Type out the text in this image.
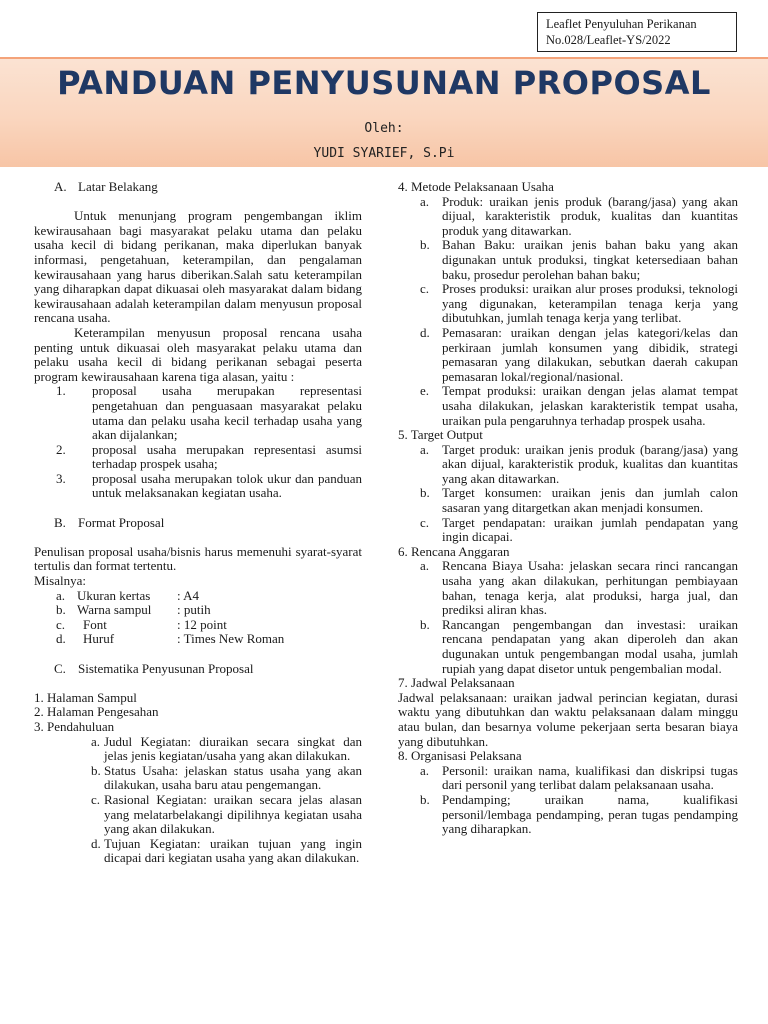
Leaflet Penyuluhan Perikanan
No.028/Leaflet-YS/2022
PANDUAN PENYUSUNAN PROPOSAL
Oleh:
YUDI SYARIEF, S.Pi
A. Latar Belakang

Untuk menunjang program pengembangan iklim kewirausahaan bagi masyarakat pelaku utama dan pelaku usaha kecil di bidang perikanan, maka diperlukan banyak informasi, pengetahuan, keterampilan, dan pengalaman kewirausahaan yang harus diberikan.Salah satu keterampilan yang diharapkan dapat dikuasai oleh masyarakat dalam bidang kewirausahaan adalah keterampilan dalam menyusun proposal rencana usaha.

Keterampilan menyusun proposal rencana usaha penting untuk dikuasai oleh masyarakat pelaku utama dan pelaku usaha kecil di bidang perikanan sebagai peserta program kewirausahaan karena tiga alasan, yaitu :

1.	proposal usaha merupakan representasi pengetahuan dan penguasaan masyarakat pelaku utama dan pelaku usaha kecil terhadap usaha yang akan dijalankan;
2.	proposal usaha merupakan representasi asumsi terhadap prospek usaha;
3.	proposal usaha merupakan tolok ukur dan panduan untuk melaksanakan kegiatan usaha.
B. Format Proposal

Penulisan proposal usaha/bisnis harus memenuhi syarat-syarat tertulis dan format tertentu.

Misalnya:
a. Ukuran kertas	: A4
b. Warna sampul	: putih
c.	Font	: 12 point
d.	Huruf	: Times New Roman
C. Sistematika Penyusunan Proposal
1. Halaman Sampul
2. Halaman Pengesahan
3. Pendahuluan
a. Judul Kegiatan: diuraikan secara singkat dan jelas jenis kegiatan/usaha yang akan dilakukan.
b. Status Usaha: jelaskan status usaha yang akan dilakukan, usaha baru atau pengemangan.
c. Rasional Kegiatan: uraikan secara jelas alasan yang melatarbelakangi dipilihnya kegiatan usaha yang akan dilakukan.
d. Tujuan Kegiatan: uraikan tujuan yang ingin dicapai dari kegiatan usaha yang akan dilakukan.
4. Metode Pelaksanaan Usaha
a. Produk: uraikan jenis produk (barang/jasa) yang akan dijual, karakteristik produk, kualitas dan kuantitas produk yang ditawarkan.
b. Bahan Baku: uraikan jenis bahan baku yang akan digunakan untuk produksi, tingkat ketersediaan bahan baku, prosedur perolehan bahan baku;
c. Proses produksi: uraikan alur proses produksi, teknologi yang digunakan, keterampilan tenaga kerja yang dibutuhkan, jumlah tenaga kerja yang terlibat.
d. Pemasaran: uraikan dengan jelas kategori/kelas dan perkiraan jumlah konsumen yang dibidik, strategi pemasaran yang dilakukan, sebutkan daerah cakupan pemasaran lokal/regional/nasional.
e. Tempat produksi: uraikan dengan jelas alamat tempat usaha dilakukan, jelaskan karakteristik tempat usaha, uraikan pula pengaruhnya terhadap prospek usaha.
5. Target Output
a. Target produk: uraikan jenis produk (barang/jasa) yang akan dijual, karakteristik produk, kualitas dan kuantitas yang akan ditawarkan.
b. Target konsumen: uraikan jenis dan jumlah calon sasaran yang ditargetkan akan menjadi konsumen.
c. Target pendapatan: uraikan jumlah pendapatan yang ingin dicapai.
6. Rencana Anggaran
a. Rencana Biaya Usaha: jelaskan secara rinci rancangan usaha yang akan dilakukan, perhitungan pembiayaan bahan, tenaga kerja, alat produksi, harga jual, dan prediksi aliran khas.
b. Rancangan pengembangan dan investasi: uraikan rencana pendapatan yang akan diperoleh dan akan dugunakan untuk pengembangan modal usaha, jumlah rupiah yang dapat disetor untuk pengembalian modal.
7. Jadwal Pelaksanaan

Jadwal pelaksanaan: uraikan jadwal perincian kegiatan, durasi waktu yang dibutuhkan dan waktu pelaksanaan dalam minggu atau bulan, dan besarnya volume pekerjaan serta besaran biaya yang dibutuhkan.

8. Organisasi Pelaksana
a. Personil: uraikan nama, kualifikasi dan diskripsi tugas dari personil yang terlibat dalam pelaksanaan usaha.
b. Pendamping; uraikan nama, kualifikasi personil/lembaga pendamping, peran tugas pendamping yang diharapkan.
